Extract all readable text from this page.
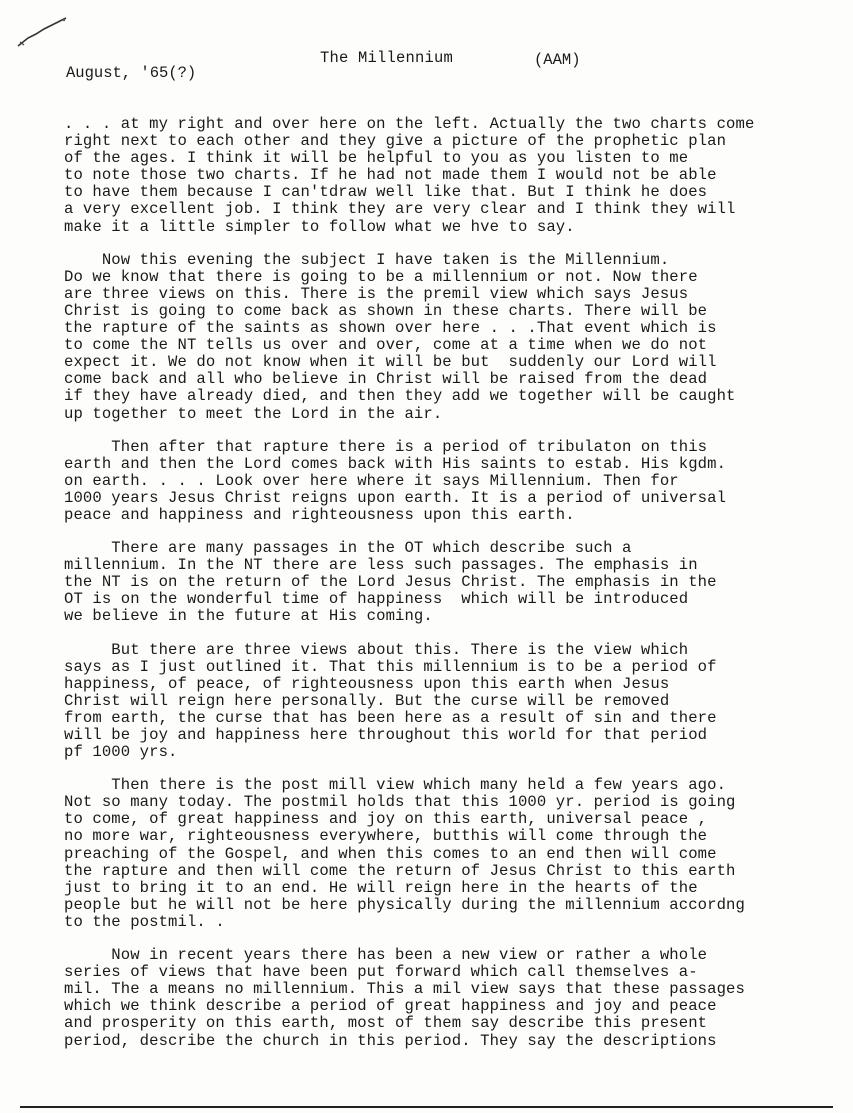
The Millennium	(AAM)
August, '65(?)
. . . at my right and over here on the left. Actually the two charts come
right next to each other and they give a picture of the prophetic plan
of the ages. I think it will be helpful to you as you listen to me
to note those two charts. If he had not made them I would not be able
to have them because I can'tdraw well like that. But I think he does
a very excellent job. I think they are very clear and I think they will
make it a little simpler to follow what we hve to say.
Now this evening the subject I have taken is the Millennium.
Do we know that there is going to be a millennium or not. Now there
are three views on this. There is the premil view which says Jesus
Christ is going to come back as shown in these charts. There will be
the rapture of the saints as shown over here . . .That event which is
to come the NT tells us over and over, come at a time when we do not
expect it. We do not know when it will be but  suddenly our Lord will
come back and all who believe in Christ will be raised from the dead
if they have already died, and then they add we together will be caught
up together to meet the Lord in the air.
Then after that rapture there is a period of tribulaton on this
earth and then the Lord comes back with His saints to estab. His kgdm.
on earth. . . . Look over here where it says Millennium. Then for
1000 years Jesus Christ reigns upon earth. It is a period of universal
peace and happiness and righteousness upon this earth.
There are many passages in the OT which describe such a
millennium. In the NT there are less such passages. The emphasis in
the NT is on the return of the Lord Jesus Christ. The emphasis in the
OT is on the wonderful time of happiness  which will be introduced
we believe in the future at His coming.
But there are three views about this. There is the view which
says as I just outlined it. That this millennium is to be a period of
happiness, of peace, of righteousness upon this earth when Jesus
Christ will reign here personally. But the curse will be removed
from earth, the curse that has been here as a result of sin and there
will be joy and happiness here throughout this world for that period
pf 1000 yrs.
Then there is the post mill view which many held a few years ago.
Not so many today. The postmil holds that this 1000 yr. period is going
to come, of great happiness and joy on this earth, universal peace ,
no more war, righteousness everywhere, butthis will come through the
preaching of the Gospel, and when this comes to an end then will come
the rapture and then will come the return of Jesus Christ to this earth
just to bring it to an end. He will reign here in the hearts of the
people but he will not be here physically during the millennium accordng
to the postmil. .
Now in recent years there has been a new view or rather a whole
series of views that have been put forward which call themselves a-
mil. The a means no millennium. This a mil view says that these passages
which we think describe a period of great happiness and joy and peace
and prosperity on this earth, most of them say describe this present
period, describe the church in this period. They say the descriptions
